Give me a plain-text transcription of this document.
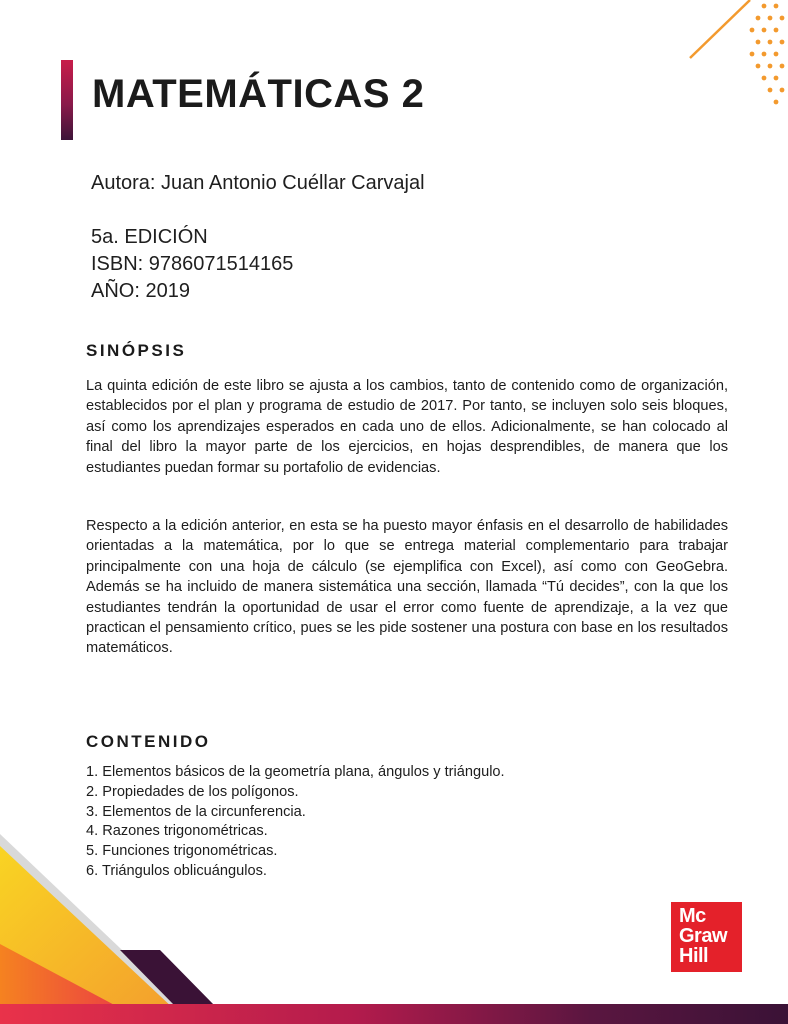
MATEMÁTICAS 2

Autora: Juan Antonio Cuéllar Carvajal

5a. EDICIÓN

ISBN: 9786071514165

AÑO: 2019

SINÓPSIS

La quinta edición de este libro se ajusta a los cambios, tanto de contenido como de organización, establecidos por el plan y programa de estudio de 2017. Por tanto, se incluyen solo seis bloques, así como los aprendizajes esperados en cada uno de ellos. Adicionalmente, se han colocado al final del libro la mayor parte de los ejercicios, en hojas desprendibles, de manera que los estudiantes puedan formar su portafolio de evidencias.

Respecto a la edición anterior, en esta se ha puesto mayor énfasis en el desarrollo de habilidades orientadas a la matemática, por lo que se entrega material complementario para trabajar principalmente con una hoja de cálculo (se ejemplifica con Excel), así como con GeoGebra. Además se ha incluido de manera sistemática una sección, llamada “Tú decides”, con la que los estudiantes tendrán la oportunidad de usar el error como fuente de aprendizaje, a la vez que practican el pensamiento crítico, pues se les pide sostener una postura con base en los resultados matemáticos.

CONTENIDO
1. Elementos básicos de la geometría plana, ángulos y triángulo.
2. Propiedades de los polígonos.
3. Elementos de la circunferencia.
4. Razones trigonométricas.
5. Funciones trigonométricas.
6. Triángulos oblicuángulos.
Mc
Graw
Hill
